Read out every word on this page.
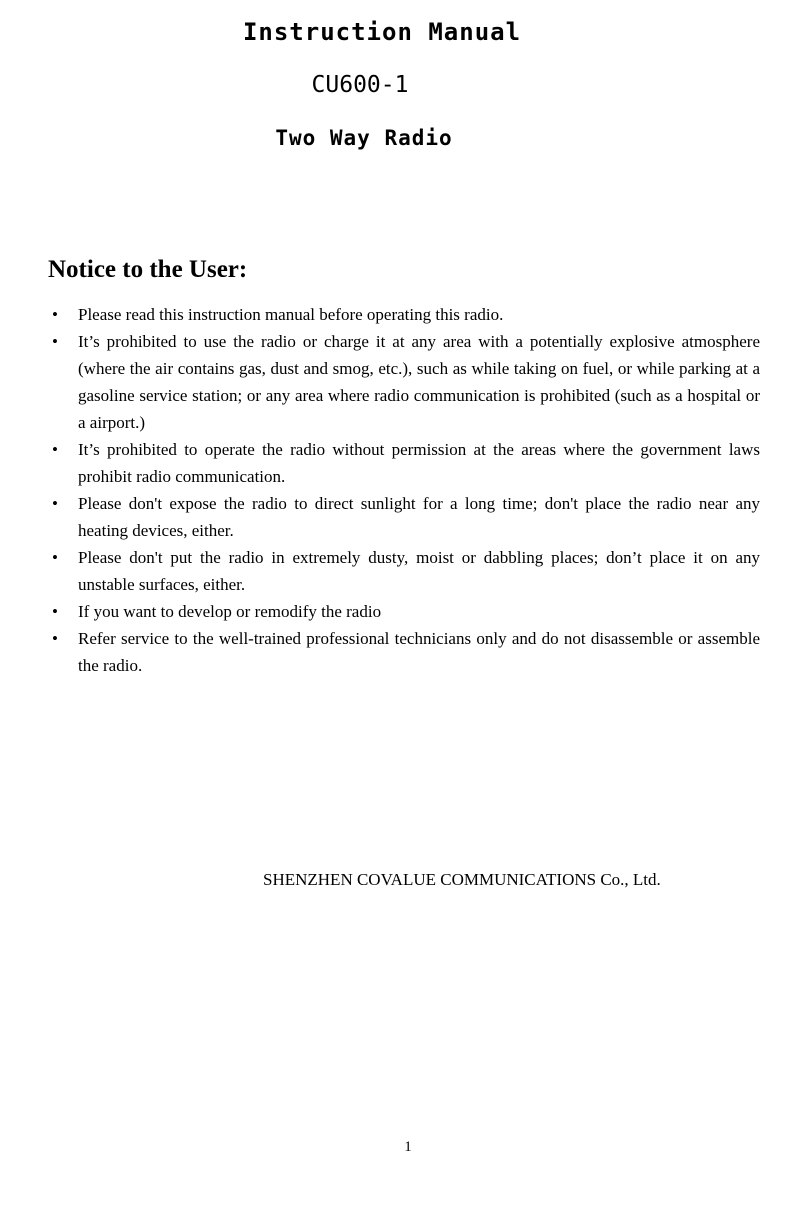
Instruction Manual
CU600-1
Two Way Radio
Notice to the User:
•	Please read this instruction manual before operating this radio.
•	It’s prohibited to use the radio or charge it at any area with a potentially explosive atmosphere (where the air contains gas, dust and smog, etc.), such as while taking on fuel, or while parking at a gasoline service station; or any area where radio communication is prohibited (such as a hospital or a airport.)
•	It’s prohibited to operate the radio without permission at the areas where the government laws prohibit radio communication.
•	Please don't expose the radio to direct sunlight for a long time; don't place the radio near any heating devices, either.
•	Please don't put the radio in extremely dusty, moist or dabbling places; don’t place it on any unstable surfaces, either.
•	If you want to develop or remodify the radio
•	Refer service to the well-trained professional technicians only and do not disassemble or assemble the radio.

SHENZHEN COVALUE COMMUNICATIONS Co., Ltd.

1
